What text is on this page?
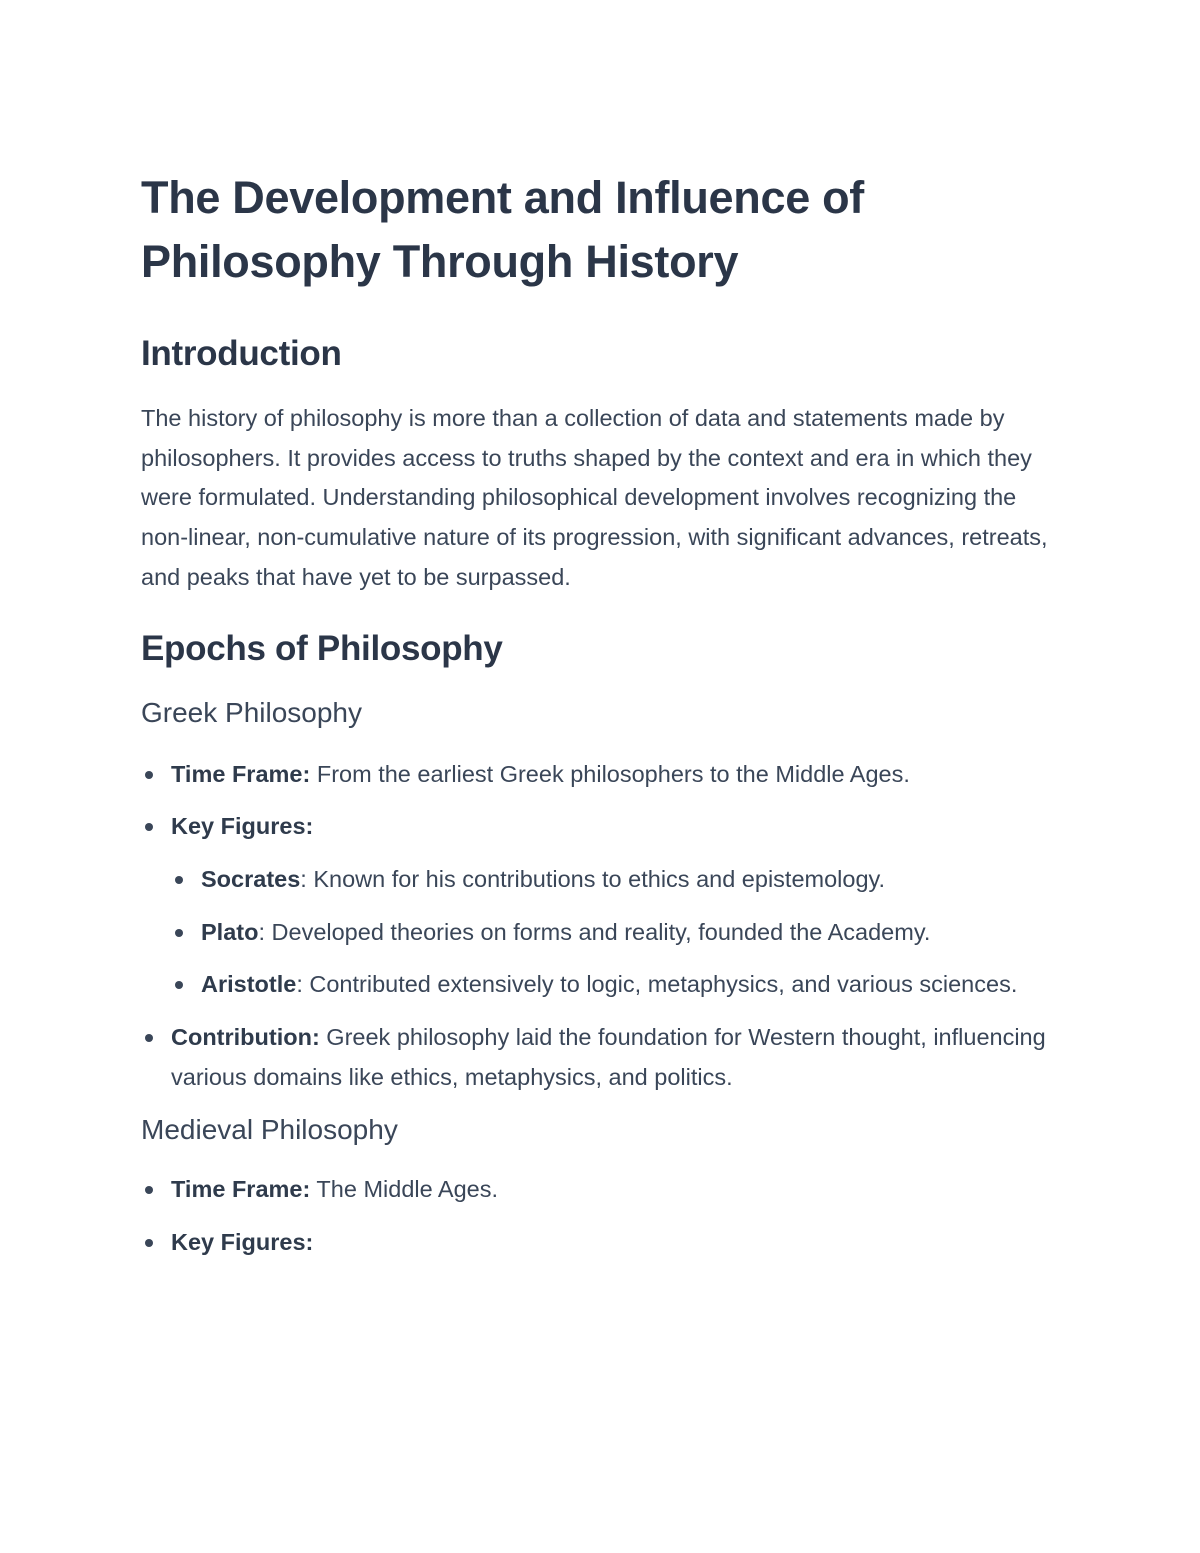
The Development and Influence of Philosophy Through History
Introduction

The history of philosophy is more than a collection of data and statements made by philosophers. It provides access to truths shaped by the context and era in which they were formulated. Understanding philosophical development involves recognizing the non-linear, non-cumulative nature of its progression, with significant advances, retreats, and peaks that have yet to be surpassed.

Epochs of Philosophy
Greek Philosophy
Time Frame: From the earliest Greek philosophers to the Middle Ages.
Key Figures:
Socrates: Known for his contributions to ethics and epistemology.
Plato: Developed theories on forms and reality, founded the Academy.
Aristotle: Contributed extensively to logic, metaphysics, and various sciences.
Contribution: Greek philosophy laid the foundation for Western thought, influencing various domains like ethics, metaphysics, and politics.
Medieval Philosophy
Time Frame: The Middle Ages.
Key Figures:
